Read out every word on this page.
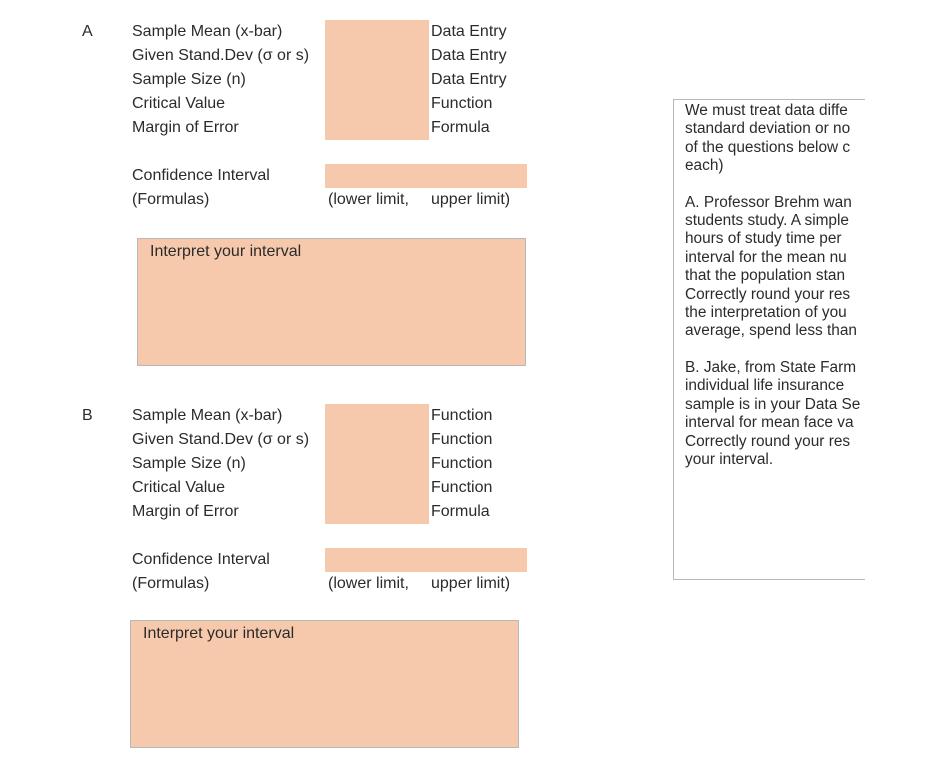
A Sample Mean (x-bar)
Given Stand.Dev (σ or s)
Sample Size (n)
Critical Value
Margin of Error
Data Entry
Data Entry
Data Entry
Function
Formula
Confidence Interval
(Formulas)	(lower limit, upper limit)
Interpret your interval
B Sample Mean (x-bar)
Given Stand.Dev (σ or s)
Sample Size (n)
Critical Value
Margin of Error
Function
Function
Function
Function
Formula
Confidence Interval
(Formulas)	(lower limit, upper limit)
Interpret your interval

We must treat data diffe
standard deviation or no
of the questions below c
each)

A. Professor Brehm wan
students study. A simple
hours of study time per
interval for the mean nu
that the population stan
Correctly round your res
the interpretation of you
average, spend less than

B. Jake, from State Farm
individual life insurance
sample is in your Data Se
interval for mean face va
Correctly round your res
your interval.
